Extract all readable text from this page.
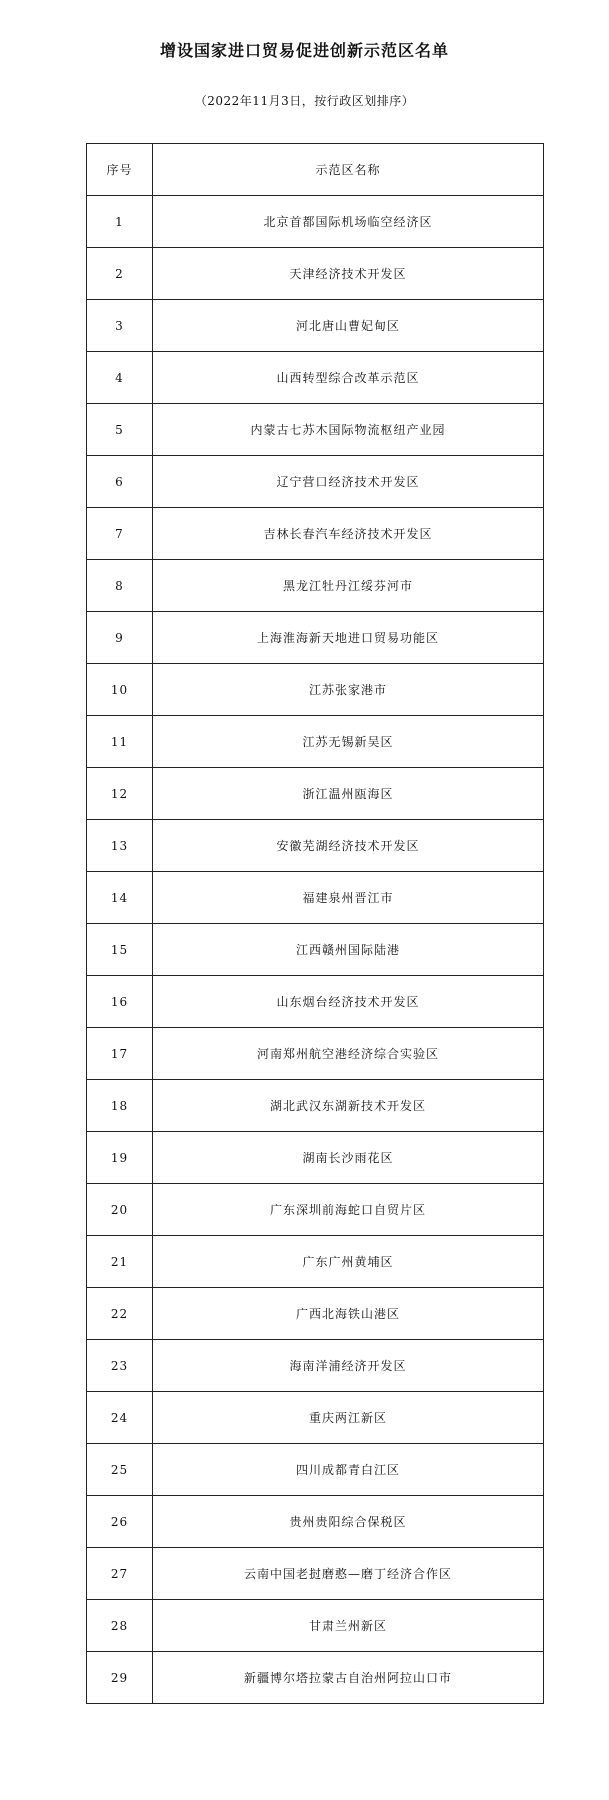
增设国家进口贸易促进创新示范区名单
（2022年11月3日，按行政区划排序）
序号	示范区名称
1	北京首都国际机场临空经济区
2	天津经济技术开发区
3	河北唐山曹妃甸区
4	山西转型综合改革示范区
5	内蒙古七苏木国际物流枢纽产业园
6	辽宁营口经济技术开发区
7	吉林长春汽车经济技术开发区
8	黑龙江牡丹江绥芬河市
9	上海淮海新天地进口贸易功能区
10	江苏张家港市
11	江苏无锡新吴区
12	浙江温州瓯海区
13	安徽芜湖经济技术开发区
14	福建泉州晋江市
15	江西赣州国际陆港
16	山东烟台经济技术开发区
17	河南郑州航空港经济综合实验区
18	湖北武汉东湖新技术开发区
19	湖南长沙雨花区
20	广东深圳前海蛇口自贸片区
21	广东广州黄埔区
22	广西北海铁山港区
23	海南洋浦经济开发区
24	重庆两江新区
25	四川成都青白江区
26	贵州贵阳综合保税区
27	云南中国老挝磨憨—磨丁经济合作区
28	甘肃兰州新区
29	新疆博尔塔拉蒙古自治州阿拉山口市
